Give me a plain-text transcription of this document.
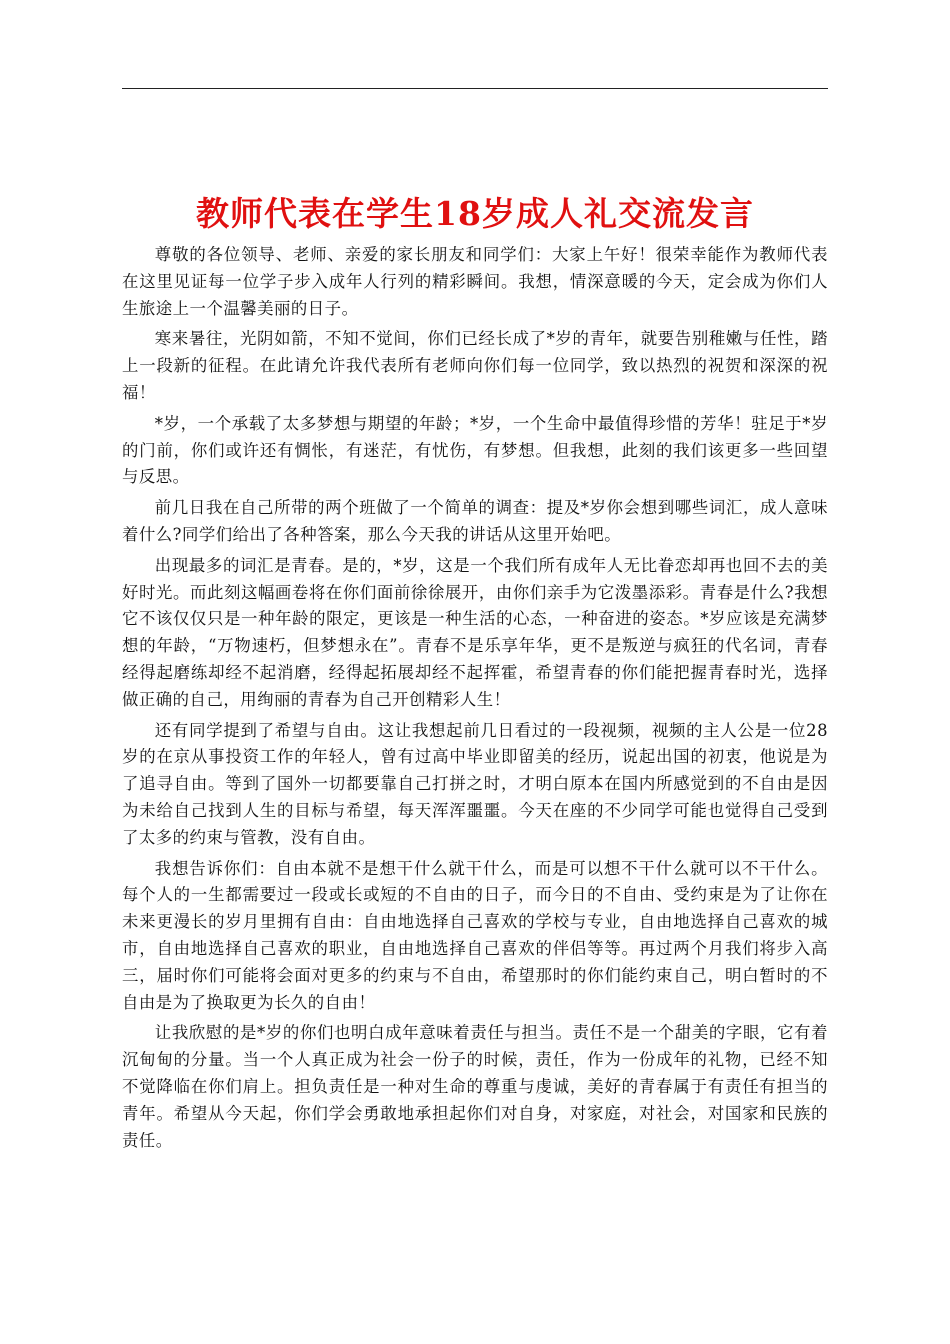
教师代表在学生18岁成人礼交流发言

尊敬的各位领导、老师、亲爱的家长朋友和同学们：大家上午好！很荣幸能作为教师代表在这里见证每一位学子步入成年人行列的精彩瞬间。我想，情深意暖的今天，定会成为你们人生旅途上一个温馨美丽的日子。

寒来暑往，光阴如箭，不知不觉间，你们已经长成了*岁的青年，就要告别稚嫩与任性，踏上一段新的征程。在此请允许我代表所有老师向你们每一位同学，致以热烈的祝贺和深深的祝福！

*岁，一个承载了太多梦想与期望的年龄；*岁，一个生命中最值得珍惜的芳华！驻足于*岁的门前，你们或许还有惆怅，有迷茫，有忧伤，有梦想。但我想，此刻的我们该更多一些回望与反思。

前几日我在自己所带的两个班做了一个简单的调查：提及*岁你会想到哪些词汇，成人意味着什么?同学们给出了各种答案，那么今天我的讲话从这里开始吧。

出现最多的词汇是青春。是的，*岁，这是一个我们所有成年人无比眷恋却再也回不去的美好时光。而此刻这幅画卷将在你们面前徐徐展开，由你们亲手为它泼墨添彩。青春是什么?我想它不该仅仅只是一种年龄的限定，更该是一种生活的心态，一种奋进的姿态。*岁应该是充满梦想的年龄，“万物速朽，但梦想永在”。青春不是乐享年华，更不是叛逆与疯狂的代名词，青春经得起磨练却经不起消磨，经得起拓展却经不起挥霍，希望青春的你们能把握青春时光，选择做正确的自己，用绚丽的青春为自己开创精彩人生！

还有同学提到了希望与自由。这让我想起前几日看过的一段视频，视频的主人公是一位28岁的在京从事投资工作的年轻人，曾有过高中毕业即留美的经历，说起出国的初衷，他说是为了追寻自由。等到了国外一切都要靠自己打拼之时，才明白原本在国内所感觉到的不自由是因为未给自己找到人生的目标与希望，每天浑浑噩噩。今天在座的不少同学可能也觉得自己受到了太多的约束与管教，没有自由。

我想告诉你们：自由本就不是想干什么就干什么，而是可以想不干什么就可以不干什么。每个人的一生都需要过一段或长或短的不自由的日子，而今日的不自由、受约束是为了让你在未来更漫长的岁月里拥有自由：自由地选择自己喜欢的学校与专业，自由地选择自己喜欢的城市，自由地选择自己喜欢的职业，自由地选择自己喜欢的伴侣等等。再过两个月我们将步入高三，届时你们可能将会面对更多的约束与不自由，希望那时的你们能约束自己，明白暂时的不自由是为了换取更为长久的自由！

让我欣慰的是*岁的你们也明白成年意味着责任与担当。责任不是一个甜美的字眼，它有着沉甸甸的分量。当一个人真正成为社会一份子的时候，责任，作为一份成年的礼物，已经不知不觉降临在你们肩上。担负责任是一种对生命的尊重与虔诚，美好的青春属于有责任有担当的青年。希望从今天起，你们学会勇敢地承担起你们对自身，对家庭，对社会，对国家和民族的责任。
